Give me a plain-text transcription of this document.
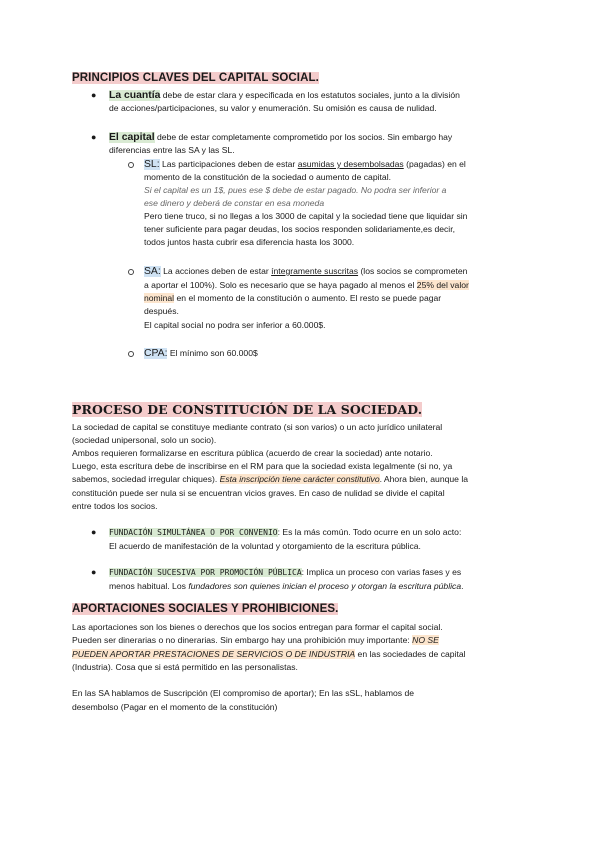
PRINCIPIOS CLAVES DEL CAPITAL SOCIAL.
● La cuantía debe de estar clara y especificada en los estatutos sociales, junto a la división
de acciones/participaciones, su valor y enumeración. Su omisión es causa de nulidad.
● El capital debe de estar completamente comprometido por los socios. Sin embargo hay
diferencias entre las SA y las SL.
SL: Las participaciones deben de estar asumidas y desembolsadas (pagadas) en el
momento de la constitución de la sociedad o aumento de capital.
Si el capital es un 1$, pues ese $ debe de estar pagado. No podra ser inferior a
ese dinero y deberá de constar en esa moneda
Pero tiene truco, si no llegas a los 3000 de capital y la sociedad tiene que liquidar sin
tener suficiente para pagar deudas, los socios responden solidariamente,es decir,
todos juntos hasta cubrir esa diferencia hasta los 3000.
SA: La acciones deben de estar íntegramente suscritas (los socios se comprometen
a aportar el 100%). Solo es necesario que se haya pagado al menos el 25% del valor
nominal en el momento de la constitución o aumento. El resto se puede pagar
después.
El capital social no podra ser inferior a 60.000$.
CPA: El mínimo son 60.000$
PROCESO DE CONSTITUCIÓN DE LA SOCIEDAD.
La sociedad de capital se constituye mediante contrato (si son varios) o un acto jurídico unilateral
(sociedad unipersonal, solo un socio).
Ambos requieren formalizarse en escritura pública (acuerdo de crear la sociedad) ante notario.
Luego, esta escritura debe de inscribirse en el RM para que la sociedad exista legalmente (si no, ya
sabemos, sociedad irregular chiques). Esta inscripción tiene carácter constitutivo. Ahora bien, aunque la
constitución puede ser nula si se encuentran vicios graves. En caso de nulidad se divide el capital
entre todos los socios.
● FUNDACIÓN SIMULTÁNEA O POR CONVENIO: Es la más común. Todo ocurre en un solo acto:
El acuerdo de manifestación de la voluntad y otorgamiento de la escritura pública.
● FUNDACIÓN SUCESIVA POR PROMOCIÓN PÚBLICA: Implica un proceso con varias fases y es
menos habitual. Los fundadores son quienes inician el proceso y otorgan la escritura pública.
APORTACIONES SOCIALES Y PROHIBICIONES.
Las aportaciones son los bienes o derechos que los socios entregan para formar el capital social.
Pueden ser dinerarias o no dinerarias. Sin embargo hay una prohibición muy importante: NO SE
PUEDEN APORTAR PRESTACIONES DE SERVICIOS O DE INDUSTRIA en las sociedades de capital
(Industria). Cosa que si está permitido en las personalistas.
En las SA hablamos de Suscripción (El compromiso de aportar); En las sSL, hablamos de
desembolso (Pagar en el momento de la constitución)
